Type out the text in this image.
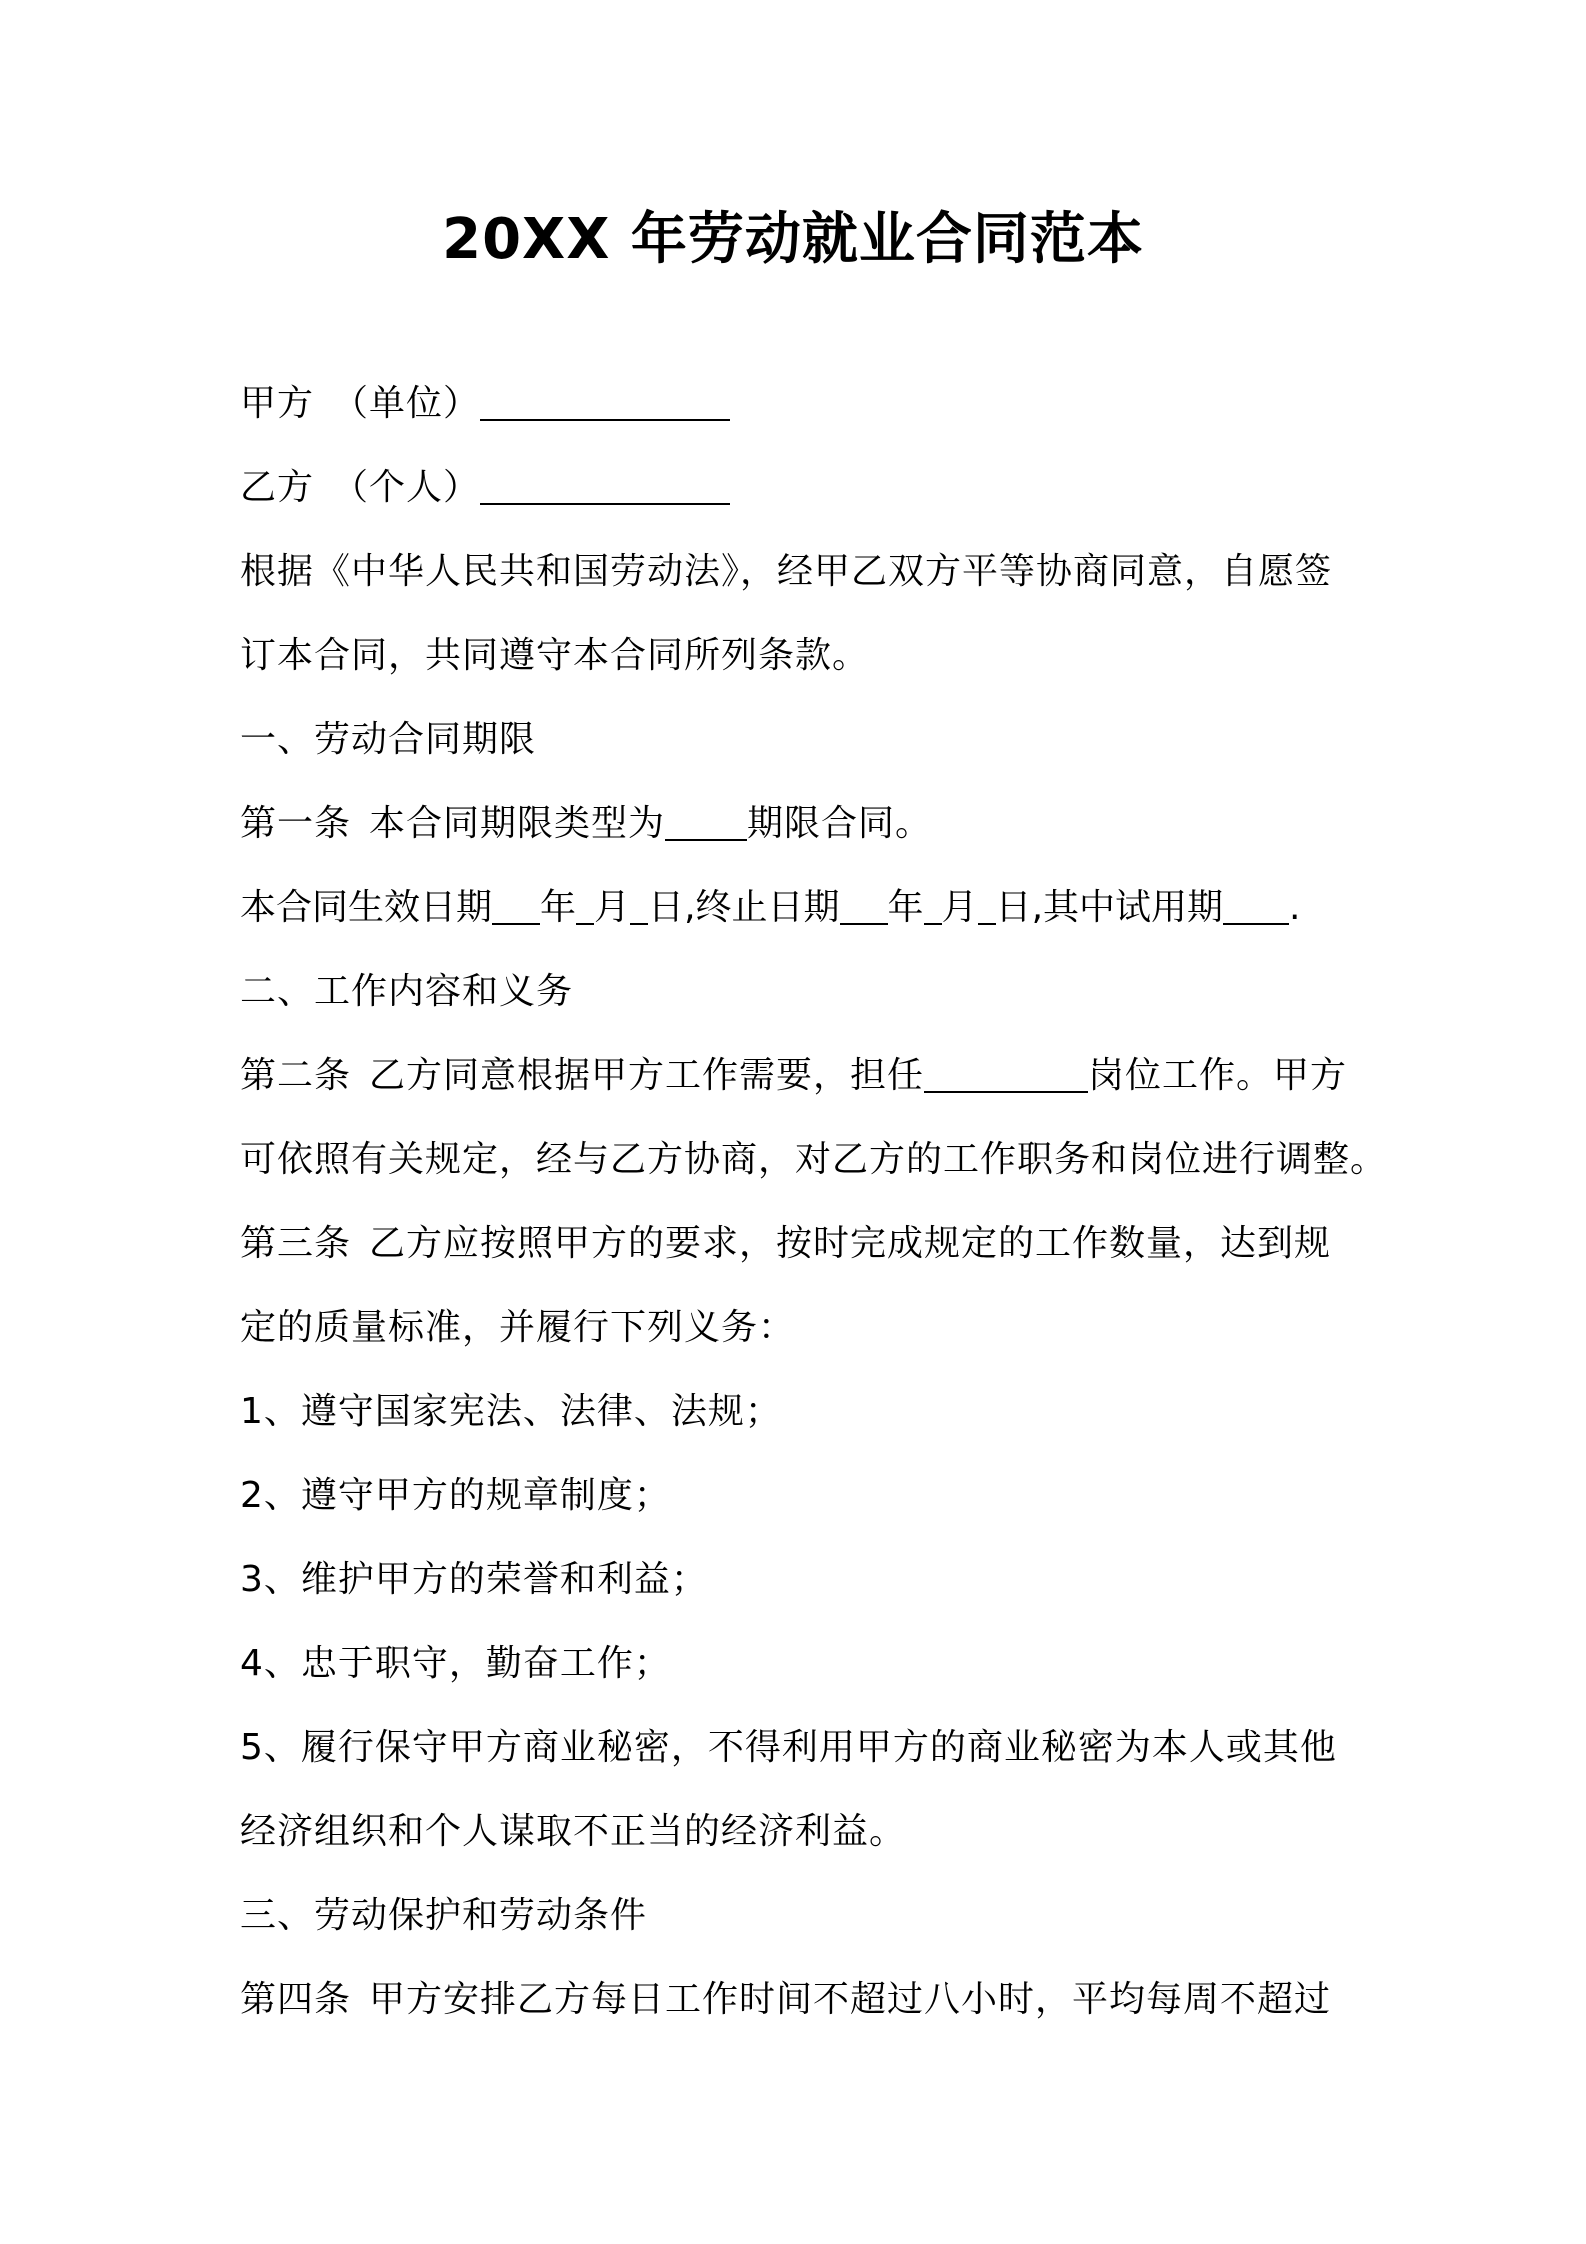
20XX 年劳动就业合同范本

甲方 （单位）

乙方 （个人）

根据《中华人民共和国劳动法》，经甲乙双方平等协商同意，自愿签

订本合同，共同遵守本合同所列条款。

一、劳动合同期限

第一条 本合同期限类型为 期限合同。

本合同生效日期 年 月 日,终止日期 年 月 日,其中试用期 .

二、工作内容和义务

第二条 乙方同意根据甲方工作需要，担任	岗位工作。甲方

可依照有关规定，经与乙方协商，对乙方的工作职务和岗位进行调整。

第三条 乙方应按照甲方的要求，按时完成规定的工作数量，达到规

定的质量标准，并履行下列义务：

1、遵守国家宪法、法律、法规；

2、遵守甲方的规章制度；

3、维护甲方的荣誉和利益；

4、忠于职守，勤奋工作；

5、履行保守甲方商业秘密，不得利用甲方的商业秘密为本人或其他

经济组织和个人谋取不正当的经济利益。

三、劳动保护和劳动条件

第四条 甲方安排乙方每日工作时间不超过八小时，平均每周不超过
